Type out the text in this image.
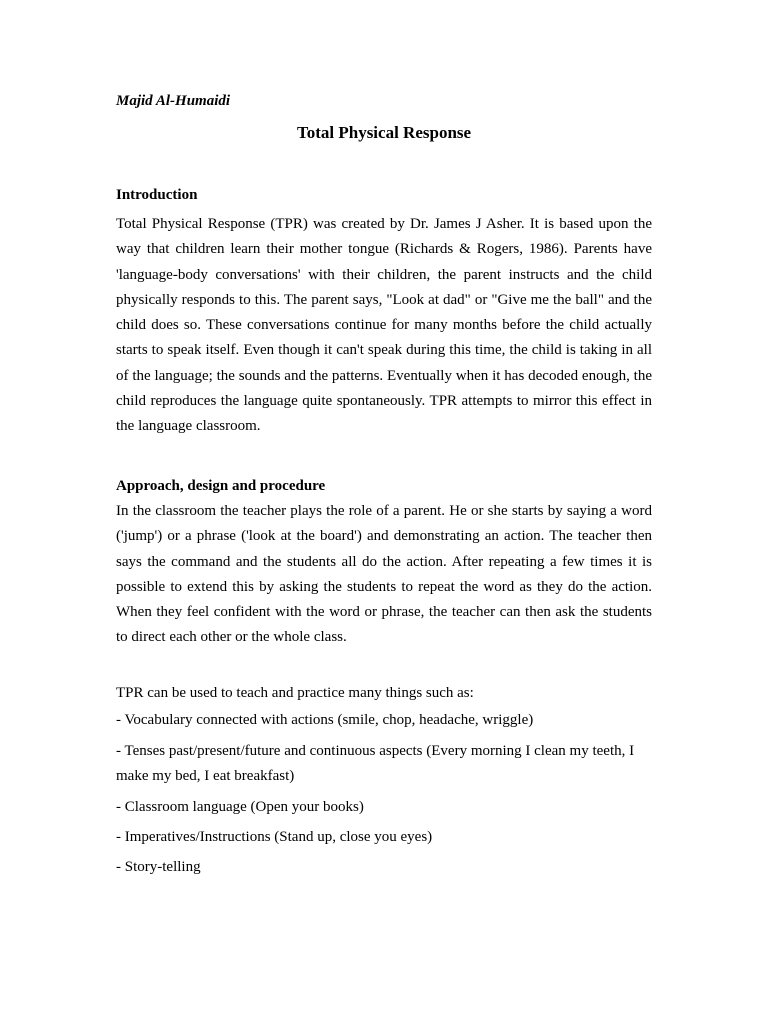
Majid Al-Humaidi
Total Physical Response
Introduction
Total Physical Response (TPR) was created by Dr. James J Asher. It is based upon the way that children learn their mother tongue (Richards & Rogers, 1986). Parents have 'language-body conversations' with their children, the parent instructs and the child physically responds to this. The parent says, "Look at dad" or "Give me the ball" and the child does so. These conversations continue for many months before the child actually starts to speak itself. Even though it can't speak during this time, the child is taking in all of the language; the sounds and the patterns. Eventually when it has decoded enough, the child reproduces the language quite spontaneously. TPR attempts to mirror this effect in the language classroom.
Approach, design and procedure
In the classroom the teacher plays the role of a parent. He or she starts by saying a word ('jump') or a phrase ('look at the board') and demonstrating an action. The teacher then says the command and the students all do the action. After repeating a few times it is possible to extend this by asking the students to repeat the word as they do the action. When they feel confident with the word or phrase, the teacher can then ask the students to direct each other or the whole class.
TPR can be used to teach and practice many things such as:
- Vocabulary connected with actions (smile, chop, headache, wriggle)
- Tenses past/present/future and continuous aspects (Every morning I clean my teeth, I make my bed, I eat breakfast)
- Classroom language (Open your books)
- Imperatives/Instructions (Stand up, close you eyes)
- Story-telling
